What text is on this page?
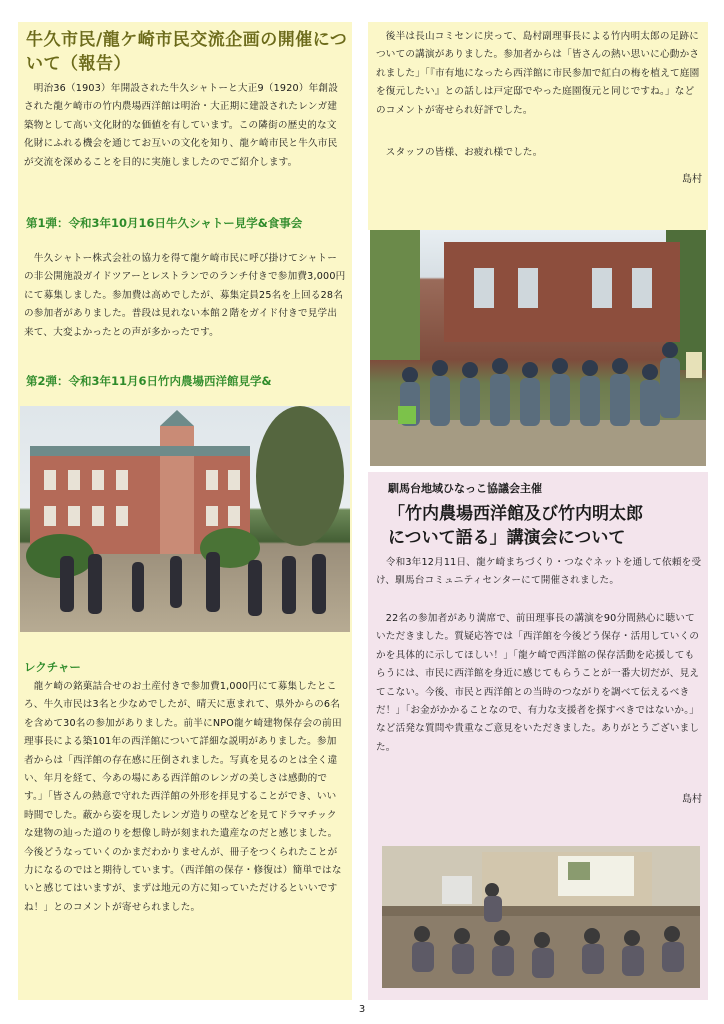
牛久市民/龍ケ崎市民交流企画の開催について（報告）
　明治36（1903）年開設された牛久シャトーと大正9（1920）年創設された龍ケ崎市の竹内農場西洋館は明治・大正期に建設されたレンガ建築物として高い文化財的な価値を有しています。この隣街の歴史的な文化財にふれる機会を通じてお互いの文化を知り、龍ケ崎市民と牛久市民が交流を深めることを目的に実施しましたのでご紹介します。
第1弾：令和3年10月16日牛久シャトー見学&食事会
　牛久シャトー株式会社の協力を得て龍ケ崎市民に呼び掛けてシャトーの非公開施設ガイドツアーとレストランでのランチ付きで参加費3,000円にて募集しました。参加費は高めでしたが、募集定員25名を上回る28名の参加者がありました。普段は見れない本館２階をガイド付きで見学出来て、大変よかったとの声が多かったです。
第2弾：令和3年11月6日竹内農場西洋館見学&
レクチャー
　龍ケ崎の銘菓詰合せのお土産付きで参加費1,000円にて募集したところ、牛久市民は3名と少なめでしたが、晴天に恵まれて、県外からの6名を含めて30名の参加がありました。前半にNPO龍ケ崎建物保存会の前田理事長による築101年の西洋館について詳細な説明がありました。参加者からは「西洋館の存在感に圧倒されました。写真を見るのとは全く違い、年月を経て、今あの場にある西洋館のレンガの美しさは感動的です。」「皆さんの熱意で守れた西洋館の外形を拝見することができ、いい時間でした。蔽から姿を現したレンガ造りの壁などを見てドラマチックな建物の辿った道のりを想像し時が刻まれた遺産なのだと感じました。今後どうなっていくのかまだわかりませんが、冊子をつくられたことが力になるのではと期待しています。（西洋館の保存・修復は）簡単ではないと感じてはいますが、まずは地元の方に知っていただけるといいですね！」とのコメントが寄せられました。
　後半は長山コミセンに戻って、島村副理事長による竹内明太郎の足跡についての講演がありました。参加者からは「皆さんの熱い思いに心動かされました」「『市有地になったら西洋館に市民参加で紅白の梅を植えて庭園を復元したい』との話しは戸定邸でやった庭園復元と同じですね。」などのコメントが寄せられ好評でした。
　スタッフの皆様、お疲れ様でした。
島村
馴馬台地域ひなっこ協議会主催
「竹内農場西洋館及び竹内明太郎
について語る」講演会について
　令和3年12月11日、龍ケ崎まちづくり・つなぐネットを通して依頼を受け、馴馬台コミュニティセンターにて開催されました。
　22名の参加者があり満席で、前田理事長の講演を90分間熱心に聴いていただきました。質疑応答では「西洋館を今後どう保存・活用していくのかを具体的に示してほしい！」「龍ケ崎で西洋館の保存活動を応援してもらうには、市民に西洋館を身近に感じてもらうことが一番大切だが、見えてこない。今後、市民と西洋館との当時のつながりを調べて伝えるべきだ！」「お金がかかることなので、有力な支援者を探すべきではないか。」など活発な質問や貴重なご意見をいただきました。ありがとうございました。
島村
3
